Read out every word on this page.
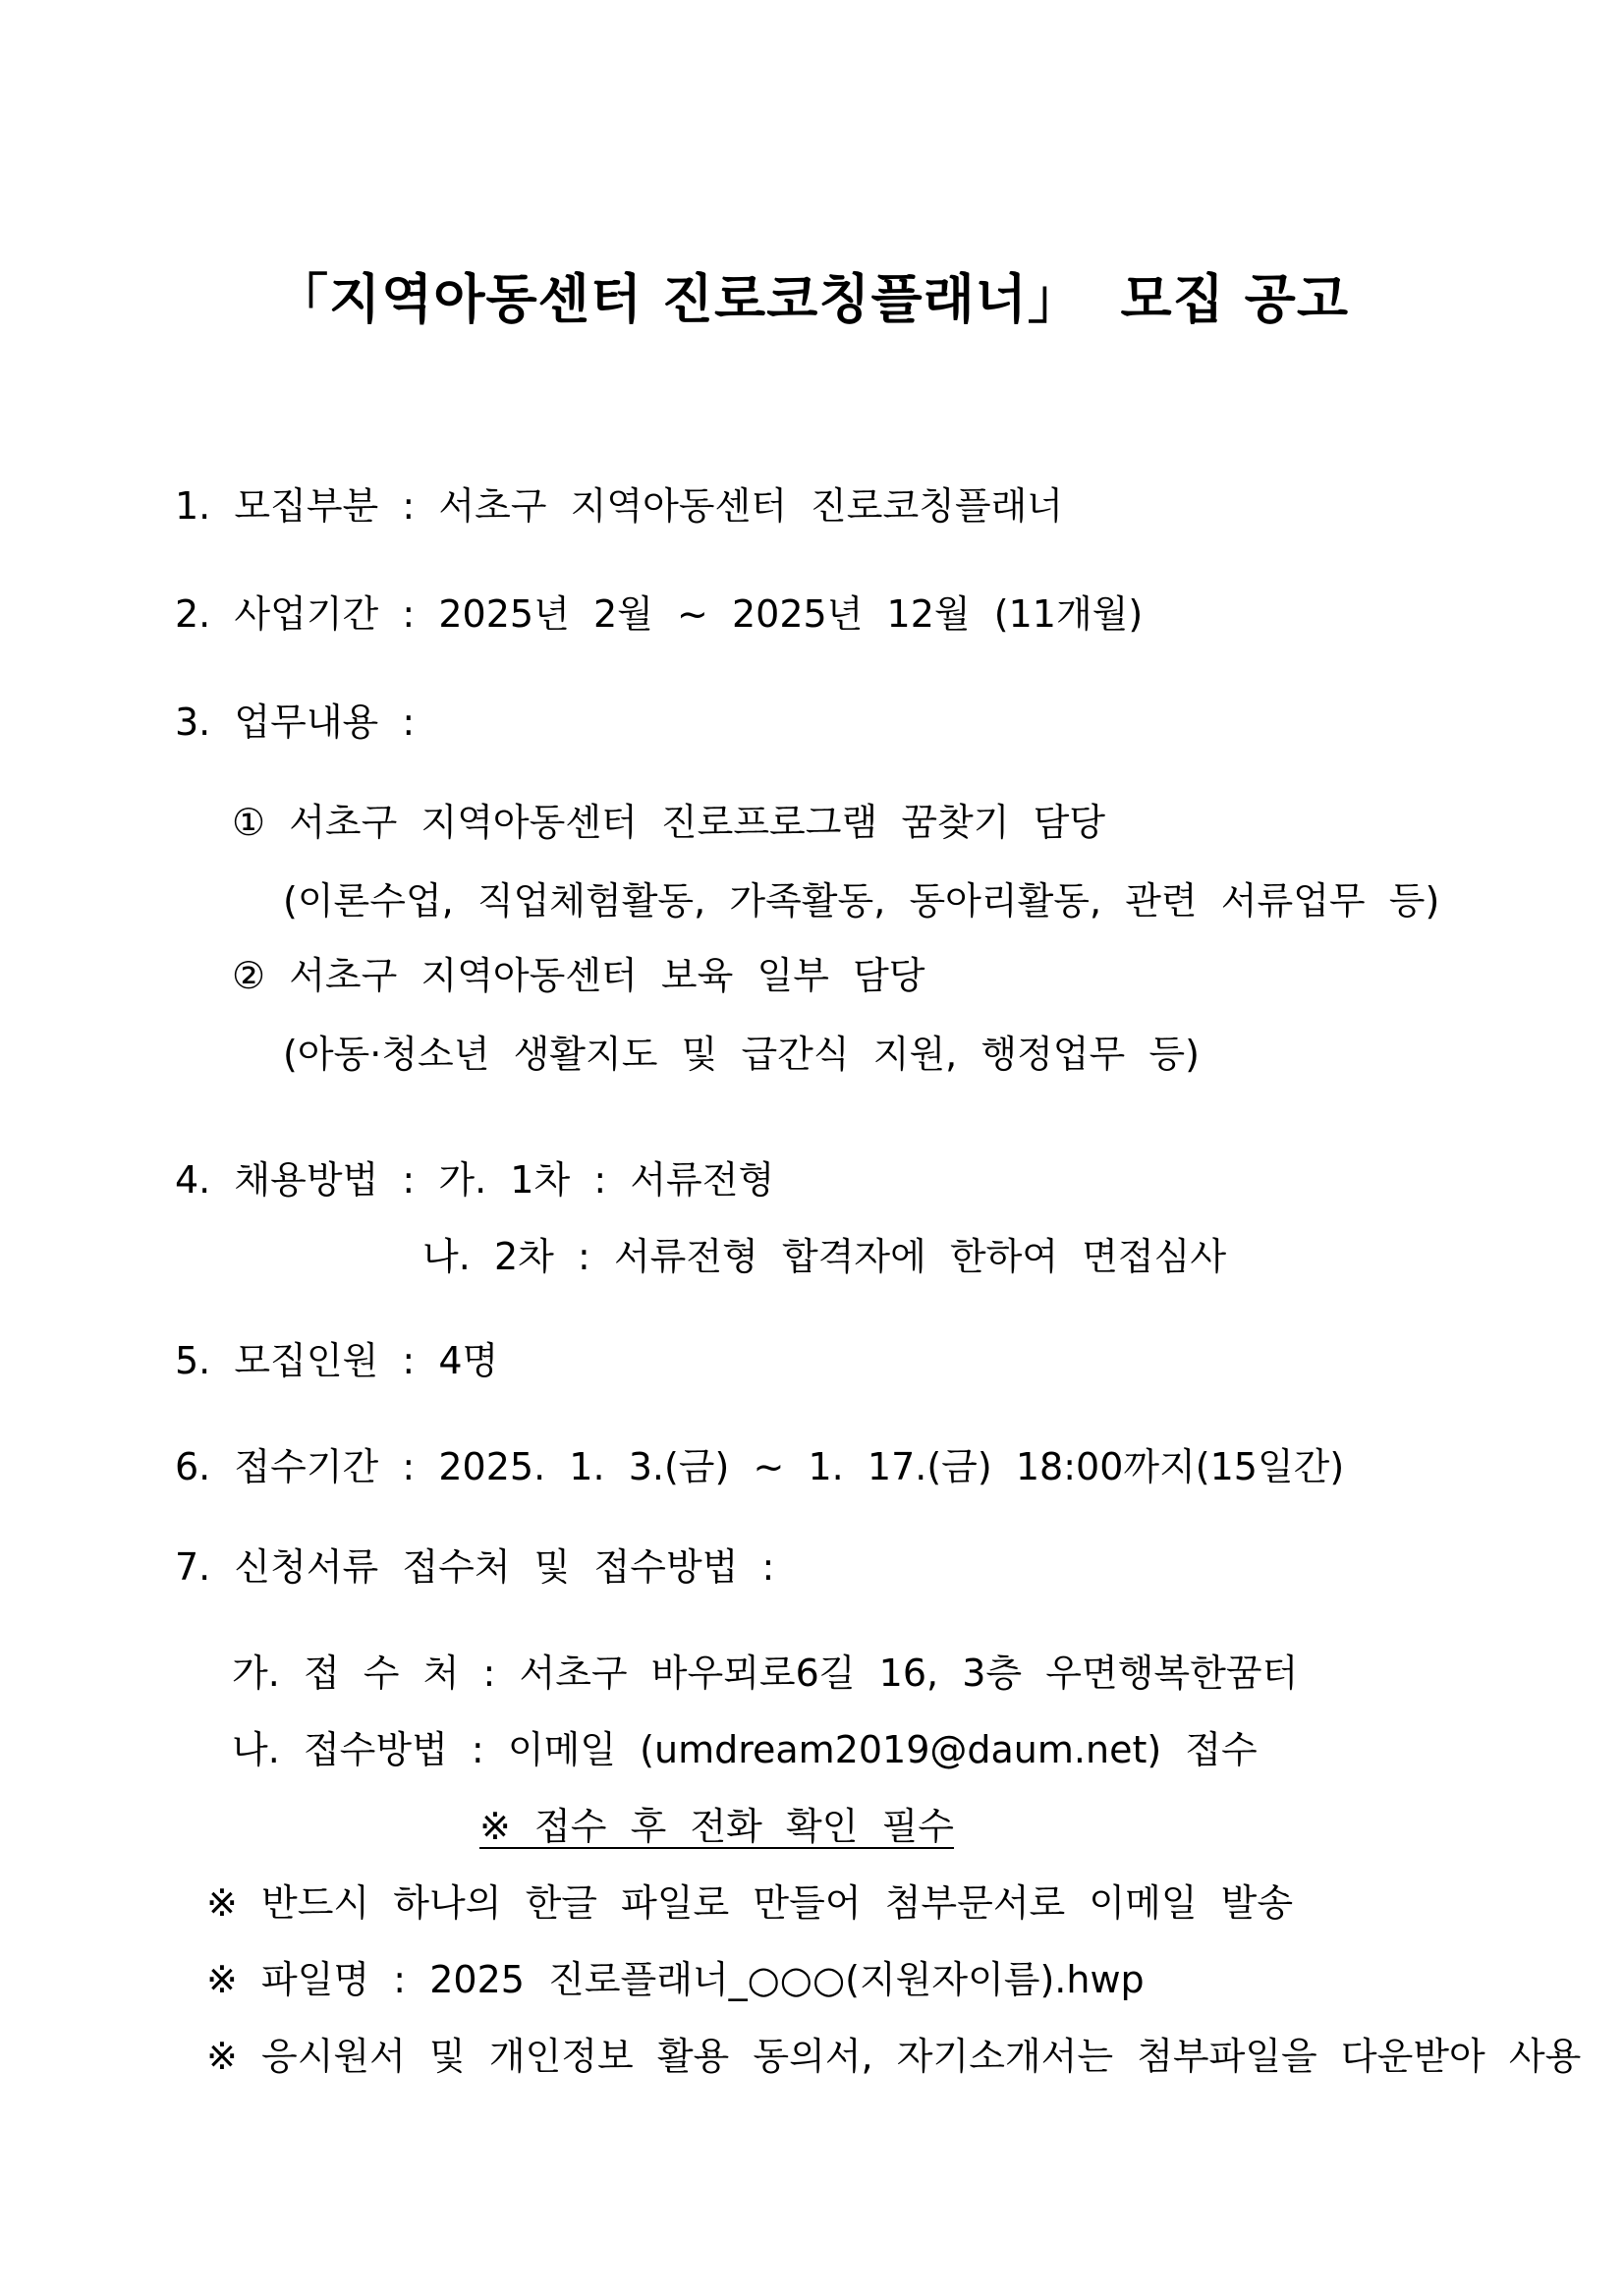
「지역아동센터 진로코칭플래너」  모집 공고
1.  모집부분  :  서초구  지역아동센터  진로코칭플래너
2.  사업기간  :  2025년  2월  ~  2025년  12월  (11개월)
3.  업무내용  :
①  서초구  지역아동센터  진로프로그램  꿈찾기  담당
(이론수업,  직업체험활동,  가족활동,  동아리활동,  관련  서류업무  등)
②  서초구  지역아동센터  보육  일부  담당
(아동·청소년  생활지도  및  급간식  지원,  행정업무  등)
4.  채용방법  :  가.  1차  :  서류전형
나.  2차  :  서류전형  합격자에  한하여  면접심사
5.  모집인원  :  4명
6.  접수기간  :  2025.  1.  3.(금)  ~  1.  17.(금)  18:00까지(15일간)
7.  신청서류  접수처  및  접수방법  :
가.  접  수  처  :  서초구  바우뫼로6길  16,  3층  우면행복한꿈터
나.  접수방법  :  이메일  (umdream2019@daum.net)  접수
※  접수  후  전화  확인  필수
※  반드시  하나의  한글  파일로  만들어  첨부문서로  이메일  발송
※  파일명  :  2025  진로플래너_○○○(지원자이름).hwp
※  응시원서  및  개인정보  활용  동의서,  자기소개서는  첨부파일을  다운받아  사용
